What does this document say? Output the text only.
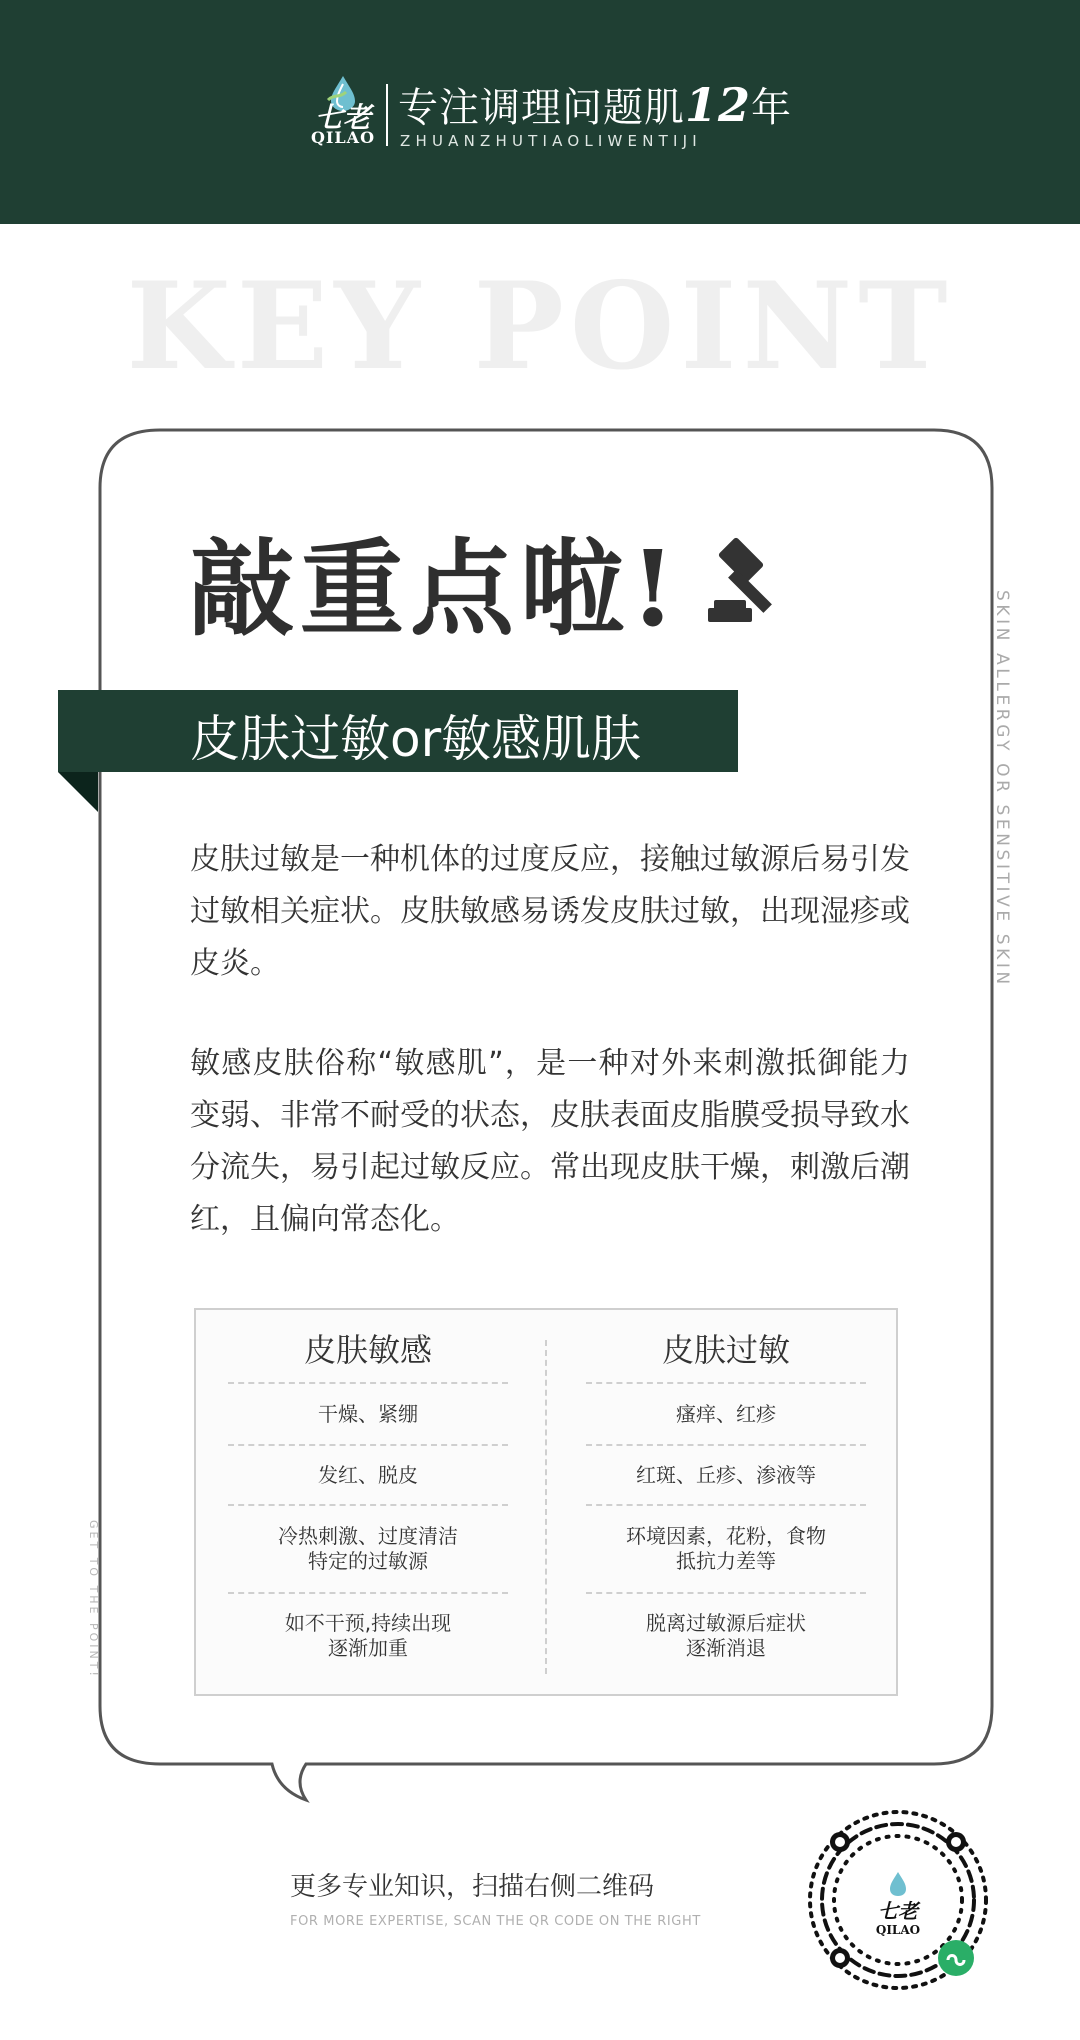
七老
QILAO
专注调理问题肌12年
ZHUANZHUTIAOLIWENTIJI
KEY POINT
敲重点啦!
皮肤过敏or敏感肌肤	SKIN ALLERGY OR SENSITIVE SKIN
GET TO THE POINT!
皮肤过敏是一种机体的过度反应，接触过敏源后易引发过敏相关症状。皮肤敏感易诱发皮肤过敏，出现湿疹或皮炎。
敏感皮肤俗称“敏感肌”，是一种对外来刺激抵御能力变弱、非常不耐受的状态，皮肤表面皮脂膜受损导致水分流失，易引起过敏反应。常出现皮肤干燥，刺激后潮红，且偏向常态化。
皮肤敏感
干燥、紧绷
发红、脱皮
冷热刺激、过度清洁
特定的过敏源
如不干预,持续出现
逐渐加重
皮肤过敏
瘙痒、红疹
红斑、丘疹、渗液等
环境因素，花粉，食物
抵抗力差等
脱离过敏源后症状
逐渐消退
更多专业知识，扫描右侧二维码
FOR MORE EXPERTISE, SCAN THE QR CODE ON THE RIGHT	七老
QILAO
